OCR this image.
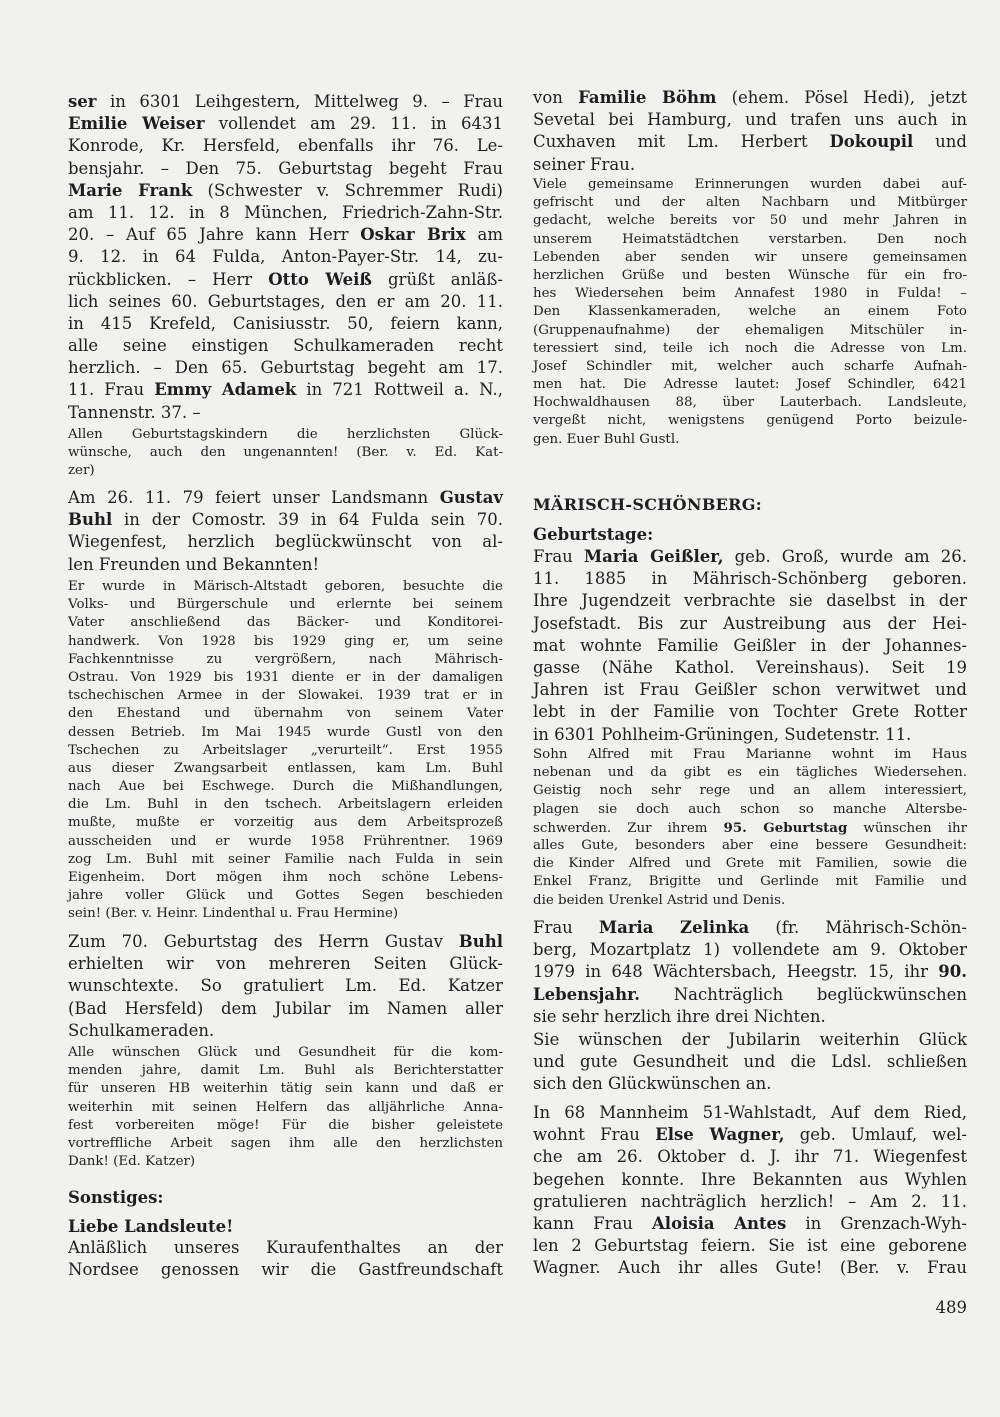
ser in 6301 Leihgestern, Mittelweg 9. – Frau
Emilie Weiser vollendet am 29. 11. in 6431
Konrode, Kr. Hersfeld, ebenfalls ihr 76. Le-
bensjahr. – Den 75. Geburtstag begeht Frau
Marie Frank (Schwester v. Schremmer Rudi)
am 11. 12. in 8 München, Friedrich-Zahn-Str.
20. – Auf 65 Jahre kann Herr Oskar Brix am
9. 12. in 64 Fulda, Anton-Payer-Str. 14, zu-
rückblicken. – Herr Otto Weiß grüßt anläß-
lich seines 60. Geburtstages, den er am 20. 11.
in 415 Krefeld, Canisiusstr. 50, feiern kann,
alle seine einstigen Schulkameraden recht
herzlich. – Den 65. Geburtstag begeht am 17.
11. Frau Emmy Adamek in 721 Rottweil a. N.,
Tannenstr. 37. –
Allen Geburtstagskindern die herzlichsten Glück-
wünsche, auch den ungenannten! (Ber. v. Ed. Kat-
zer)
Am 26. 11. 79 feiert unser Landsmann Gustav
Buhl in der Comostr. 39 in 64 Fulda sein 70.
Wiegenfest, herzlich beglückwünscht von al-
len Freunden und Bekannten!
Er wurde in Märisch-Altstadt geboren, besuchte die
Volks- und Bürgerschule und erlernte bei seinem
Vater anschließend das Bäcker- und Konditorei-
handwerk. Von 1928 bis 1929 ging er, um seine
Fachkenntnisse zu vergrößern, nach Mährisch-
Ostrau. Von 1929 bis 1931 diente er in der damaligen
tschechischen Armee in der Slowakei. 1939 trat er in
den Ehestand und übernahm von seinem Vater
dessen Betrieb. Im Mai 1945 wurde Gustl von den
Tschechen zu Arbeitslager „verurteilt“. Erst 1955
aus dieser Zwangsarbeit entlassen, kam Lm. Buhl
nach Aue bei Eschwege. Durch die Mißhandlungen,
die Lm. Buhl in den tschech. Arbeitslagern erleiden
mußte, mußte er vorzeitig aus dem Arbeitsprozeß
ausscheiden und er wurde 1958 Frührentner. 1969
zog Lm. Buhl mit seiner Familie nach Fulda in sein
Eigenheim. Dort mögen ihm noch schöne Lebens-
jahre voller Glück und Gottes Segen beschieden
sein! (Ber. v. Heinr. Lindenthal u. Frau Hermine)
Zum 70. Geburtstag des Herrn Gustav Buhl
erhielten wir von mehreren Seiten Glück-
wunschtexte. So gratuliert Lm. Ed. Katzer
(Bad Hersfeld) dem Jubilar im Namen aller
Schulkameraden.
Alle wünschen Glück und Gesundheit für die kom-
menden jahre, damit Lm. Buhl als Berichterstatter
für unseren HB weiterhin tätig sein kann und daß er
weiterhin mit seinen Helfern das alljährliche Anna-
fest vorbereiten möge! Für die bisher geleistete
vortreffliche Arbeit sagen ihm alle den herzlichsten
Dank! (Ed. Katzer)
Sonstiges:
Liebe Landsleute!
Anläßlich unseres Kuraufenthaltes an der
Nordsee genossen wir die Gastfreundschaft
von Familie Böhm (ehem. Pösel Hedi), jetzt
Sevetal bei Hamburg, und trafen uns auch in
Cuxhaven mit Lm. Herbert Dokoupil und
seiner Frau.
Viele gemeinsame Erinnerungen wurden dabei auf-
gefrischt und der alten Nachbarn und Mitbürger
gedacht, welche bereits vor 50 und mehr Jahren in
unserem Heimatstädtchen verstarben. Den noch
Lebenden aber senden wir unsere gemeinsamen
herzlichen Grüße und besten Wünsche für ein fro-
hes Wiedersehen beim Annafest 1980 in Fulda! –
Den Klassenkameraden, welche an einem Foto
(Gruppenaufnahme) der ehemaligen Mitschüler in-
teressiert sind, teile ich noch die Adresse von Lm.
Josef Schindler mit, welcher auch scharfe Aufnah-
men hat. Die Adresse lautet: Josef Schindler, 6421
Hochwaldhausen 88, über Lauterbach. Landsleute,
vergeßt nicht, wenigstens genügend Porto beizule-
gen. Euer Buhl Gustl.
MÄRISCH-SCHÖNBERG:
Geburtstage:
Frau Maria Geißler, geb. Groß, wurde am 26.
11. 1885 in Mährisch-Schönberg geboren.
Ihre Jugendzeit verbrachte sie daselbst in der
Josefstadt. Bis zur Austreibung aus der Hei-
mat wohnte Familie Geißler in der Johannes-
gasse (Nähe Kathol. Vereinshaus). Seit 19
Jahren ist Frau Geißler schon verwitwet und
lebt in der Familie von Tochter Grete Rotter
in 6301 Pohlheim-Grüningen, Sudetenstr. 11.
Sohn Alfred mit Frau Marianne wohnt im Haus
nebenan und da gibt es ein tägliches Wiedersehen.
Geistig noch sehr rege und an allem interessiert,
plagen sie doch auch schon so manche Altersbe-
schwerden. Zur ihrem 95. Geburtstag wünschen ihr
alles Gute, besonders aber eine bessere Gesundheit:
die Kinder Alfred und Grete mit Familien, sowie die
Enkel Franz, Brigitte und Gerlinde mit Familie und
die beiden Urenkel Astrid und Denis.
Frau Maria Zelinka (fr. Mährisch-Schön-
berg, Mozartplatz 1) vollendete am 9. Oktober
1979 in 648 Wächtersbach, Heegstr. 15, ihr 90.
Lebensjahr. Nachträglich beglückwünschen
sie sehr herzlich ihre drei Nichten.
Sie wünschen der Jubilarin weiterhin Glück
und gute Gesundheit und die Ldsl. schließen
sich den Glückwünschen an.
In 68 Mannheim 51-Wahlstadt, Auf dem Ried,
wohnt Frau Else Wagner, geb. Umlauf, wel-
che am 26. Oktober d. J. ihr 71. Wiegenfest
begehen konnte. Ihre Bekannten aus Wyhlen
gratulieren nachträglich herzlich! – Am 2. 11.
kann Frau Aloisia Antes in Grenzach-Wyh-
len 2 Geburtstag feiern. Sie ist eine geborene
Wagner. Auch ihr alles Gute! (Ber. v. Frau
489
